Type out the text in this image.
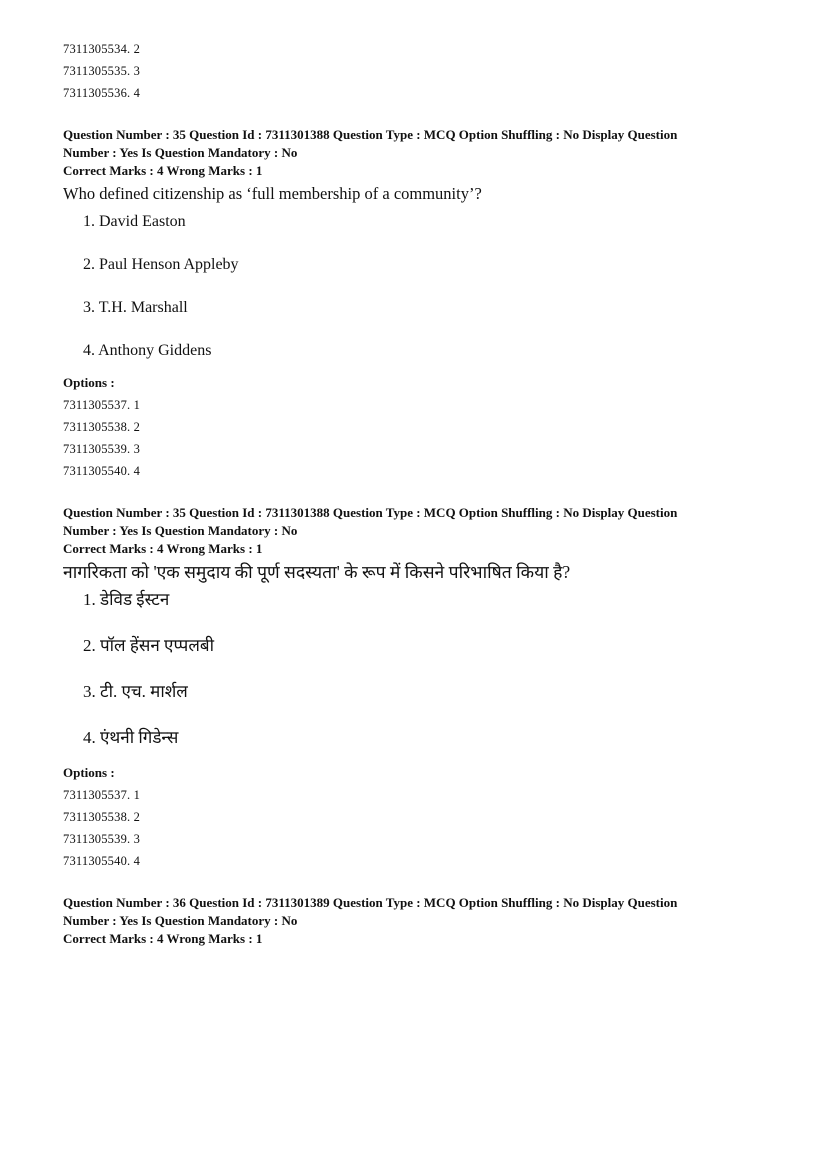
7311305534. 2
7311305535. 3
7311305536. 4
Question Number : 35 Question Id : 7311301388 Question Type : MCQ Option Shuffling : No Display Question
Number : Yes Is Question Mandatory : No
Correct Marks : 4 Wrong Marks : 1
Who defined citizenship as ‘full membership of a community’?
1. David Easton
2. Paul Henson Appleby
3. T.H. Marshall
4. Anthony Giddens
Options :
7311305537. 1
7311305538. 2
7311305539. 3
7311305540. 4
Question Number : 35 Question Id : 7311301388 Question Type : MCQ Option Shuffling : No Display Question
Number : Yes Is Question Mandatory : No
Correct Marks : 4 Wrong Marks : 1
नागरिकता को 'एक समुदाय की पूर्ण सदस्यता' के रूप में किसने परिभाषित किया है?
1. डेविड ईस्टन
2. पॉल हेंसन एप्पलबी
3. टी. एच. मार्शल
4. एंथनी गिडेन्स
Options :
7311305537. 1
7311305538. 2
7311305539. 3
7311305540. 4
Question Number : 36 Question Id : 7311301389 Question Type : MCQ Option Shuffling : No Display Question
Number : Yes Is Question Mandatory : No
Correct Marks : 4 Wrong Marks : 1
